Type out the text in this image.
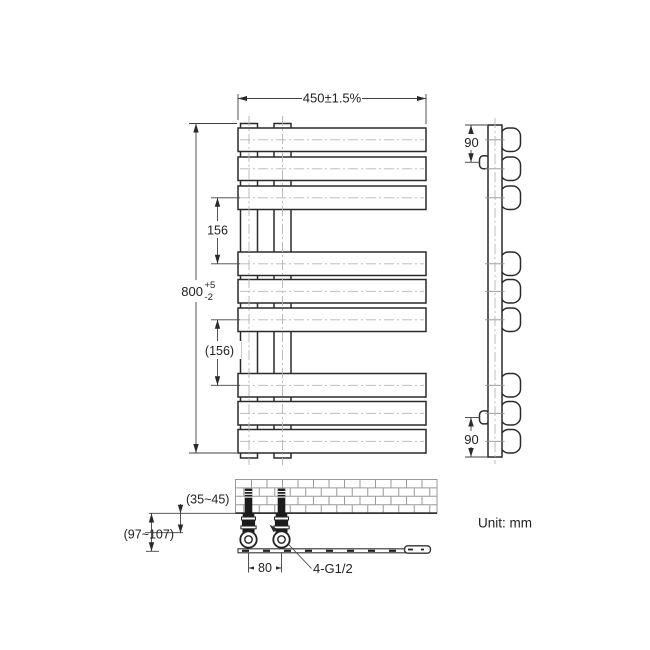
450±1.5%
800 +5
-2
156
(156)
90
90
(35~45)
(97~107)
80	4-G1/2
Unit: mm
